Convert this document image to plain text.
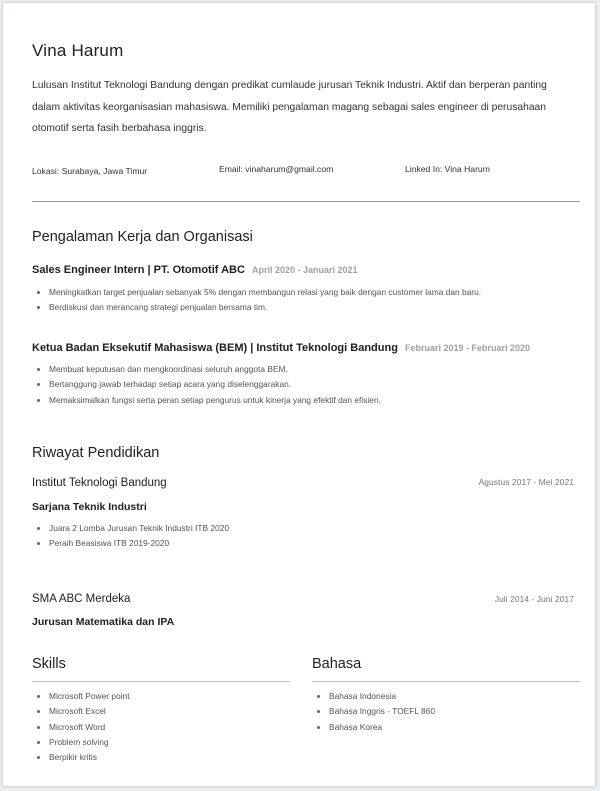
Vina Harum
Lulusan Institut Teknologi Bandung dengan predikat cumlaude jurusan Teknik Industri. Aktif dan berperan panting dalam aktivitas keorganisasian mahasiswa. Memiliki pengalaman magang sebagai sales engineer di perusahaan otomotif serta fasih berbahasa inggris.
Lokasi: Surabaya, Jawa Timur	Email: vinaharum@gmail.com	Linked In: Vina Harum
Pengalaman Kerja dan Organisasi
Sales Engineer Intern | PT. Otomotif ABC April 2020 - Januari 2021
Meningkatkan target penjualan sebanyak 5% dengan membangun relasi yang baik dengan customer lama dan baru.
Berdiskusi dan merancang strategi penjualan bersama tim.
Ketua Badan Eksekutif Mahasiswa (BEM) | Institut Teknologi Bandung Februari 2019 - Februari 2020
Membuat keputusan dan mengkoordinasi seluruh anggota BEM.
Bertanggung jawab terhadap setiap acara yang diselenggarakan.
Memaksimalkan fungsi serta peran setiap pengurus untuk kinerja yang efektif dan efisien.
Riwayat Pendidikan
Institut Teknologi Bandung	Agustus 2017 - Mei 2021
Sarjana Teknik Industri
Juara 2 Lomba Jurusan Teknik Industri ITB 2020
Peraih Beasiswa ITB 2019-2020
SMA ABC Merdeka	Juli 2014 - Juni 2017
Jurusan Matematika dan IPA
Skills
Microsoft Power point
Microsoft Excel
Microsoft Word
Problem solving
Berpikir kritis
Bahasa
Bahasa Indonesia
Bahasa Inggris - TOEFL 860
Bahasa Korea
